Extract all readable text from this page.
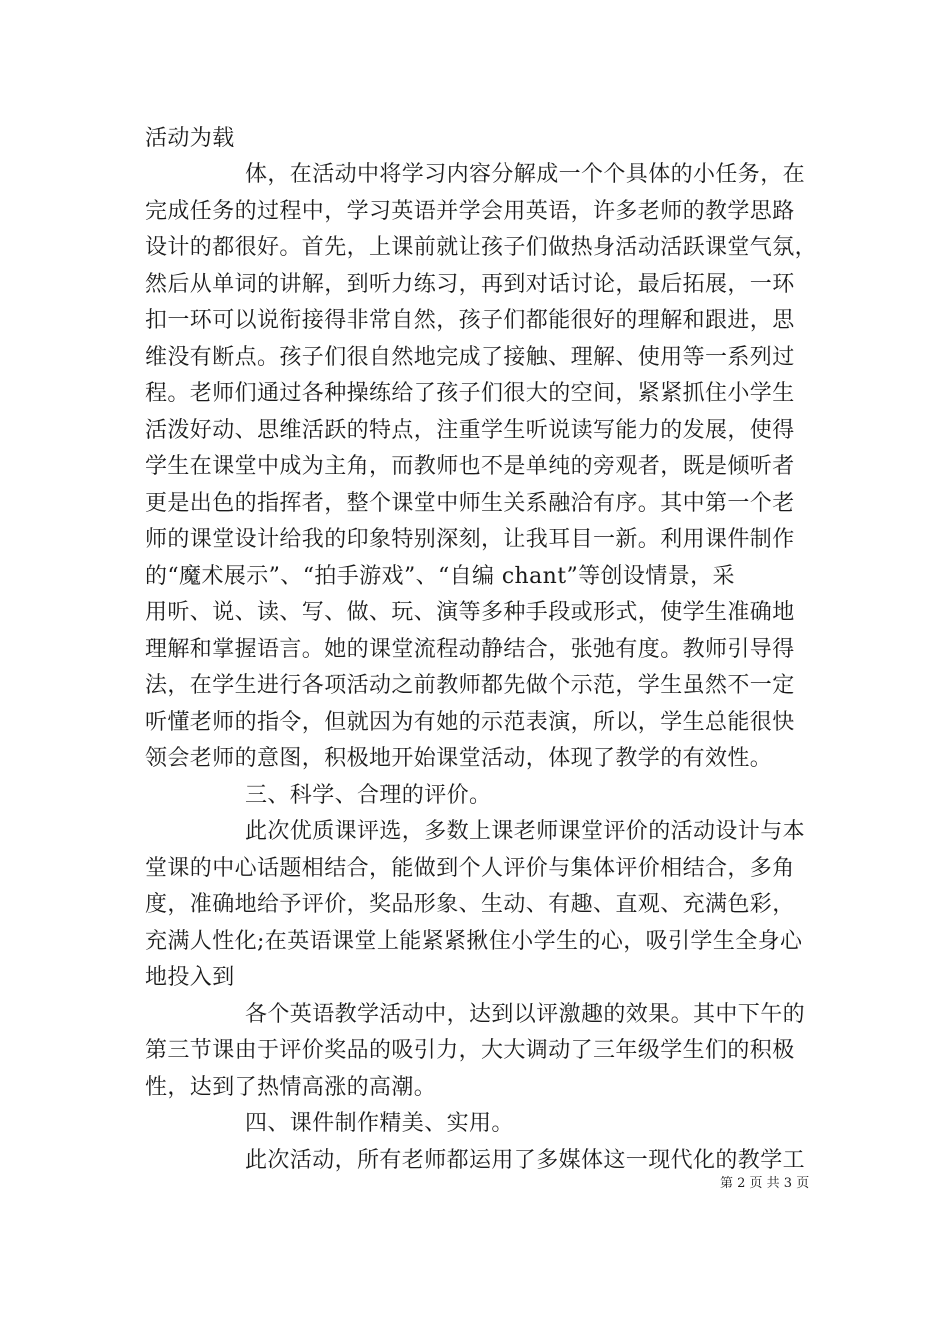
活动为载
体，在活动中将学习内容分解成一个个具体的小任务，在
完成任务的过程中，学习英语并学会用英语，许多老师的教学思路
设计的都很好。首先，上课前就让孩子们做热身活动活跃课堂气氛，
然后从单词的讲解，到听力练习，再到对话讨论，最后拓展，一环
扣一环可以说衔接得非常自然，孩子们都能很好的理解和跟进，思
维没有断点。孩子们很自然地完成了接触、理解、使用等一系列过
程。老师们通过各种操练给了孩子们很大的空间，紧紧抓住小学生
活泼好动、思维活跃的特点，注重学生听说读写能力的发展，使得
学生在课堂中成为主角，而教师也不是单纯的旁观者，既是倾听者
更是出色的指挥者，整个课堂中师生关系融洽有序。其中第一个老
师的课堂设计给我的印象特别深刻，让我耳目一新。利用课件制作
的“魔术展示”、“拍手游戏”、“自编 chant”等创设情景，采
用听、说、读、写、做、玩、演等多种手段或形式，使学生准确地
理解和掌握语言。她的课堂流程动静结合，张弛有度。教师引导得
法，在学生进行各项活动之前教师都先做个示范，学生虽然不一定
听懂老师的指令，但就因为有她的示范表演，所以，学生总能很快
领会老师的意图，积极地开始课堂活动，体现了教学的有效性。
三、科学、合理的评价。
此次优质课评选，多数上课老师课堂评价的活动设计与本
堂课的中心话题相结合，能做到个人评价与集体评价相结合，多角
度，准确地给予评价，奖品形象、生动、有趣、直观、充满色彩，
充满人性化;在英语课堂上能紧紧揪住小学生的心，吸引学生全身心
地投入到
各个英语教学活动中，达到以评激趣的效果。其中下午的
第三节课由于评价奖品的吸引力，大大调动了三年级学生们的积极
性，达到了热情高涨的高潮。
四、课件制作精美、实用。
此次活动，所有老师都运用了多媒体这一现代化的教学工
第 2 页 共 3 页
